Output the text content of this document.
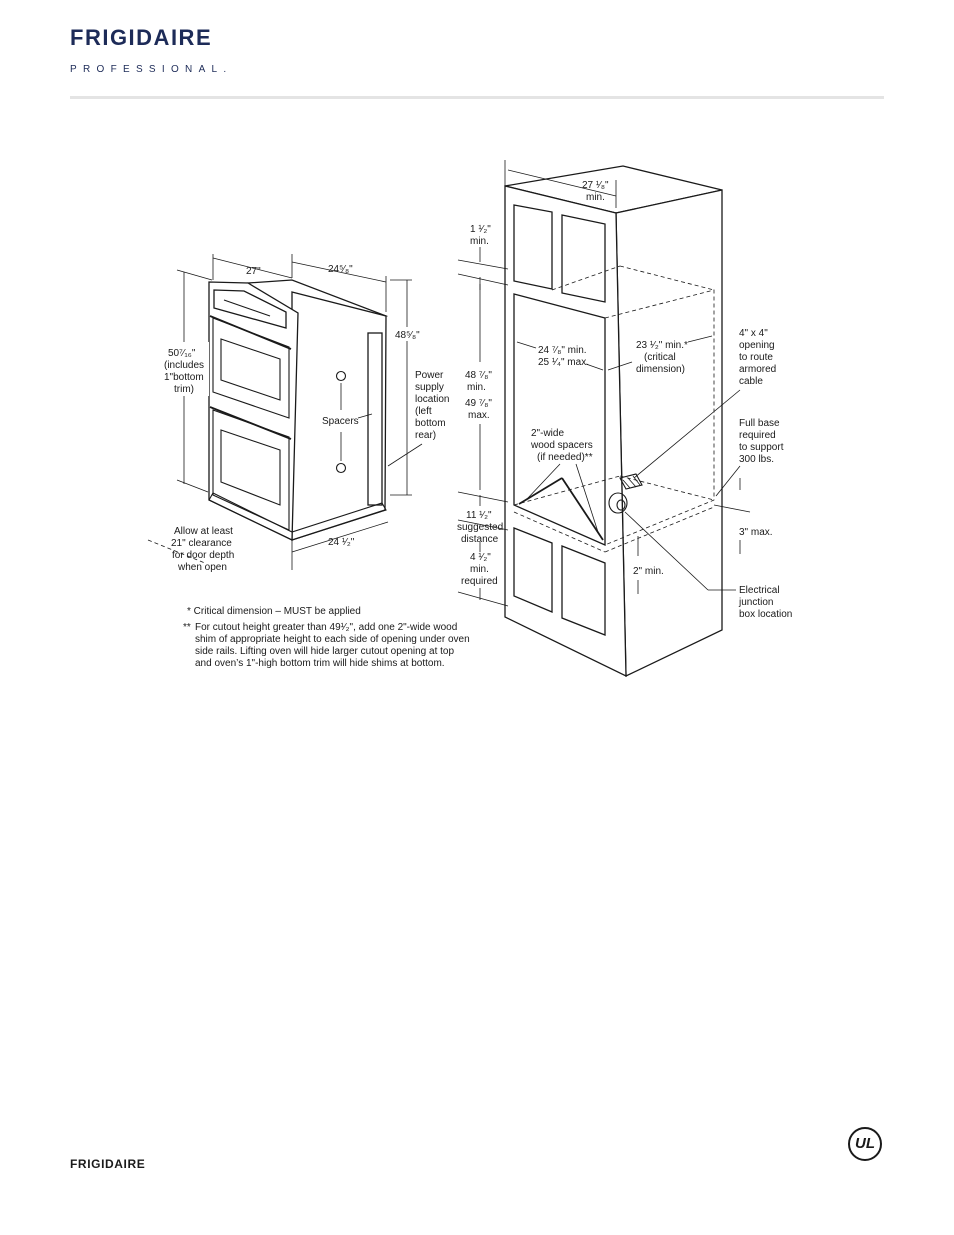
FRIGIDAIRE
PROFESSIONAL.
27"	24⁵⁄₈"
50⁷⁄₁₆"
(includes
1"bottom
trim)
48⁵⁄₈"
24 ¹⁄₂"
Spacers
Power
supply
location
(left
bottom
rear)
Allow at least
21" clearance
for door depth
when open
27 ¹⁄₈"
min.
1 ¹⁄₂"
min.
48 ⁷⁄₈"
min.
49 ⁷⁄₈"
max.
24 ⁷⁄₈" min.
25 ¹⁄₄" max.
23 ¹⁄₂" min.*
(critical
dimension)
4" x 4"
opening
to route
armored
cable
2"-wide
wood spacers
(if needed)**
Full base
required
to support
300 lbs.
11 ¹⁄₂"
suggested
distance
4 ¹⁄₂"
min.
required
3" max.
2" min.
Electrical
junction
box location
* Critical dimension – MUST be applied
** For cutout height greater than 49¹⁄₂", add one 2"-wide wood
shim of appropriate height to each side of opening under oven
side rails. Lifting oven will hide larger cutout opening at top
and oven’s 1"-high bottom trim will hide shims at bottom.
FRIGIDAIRE
UL
